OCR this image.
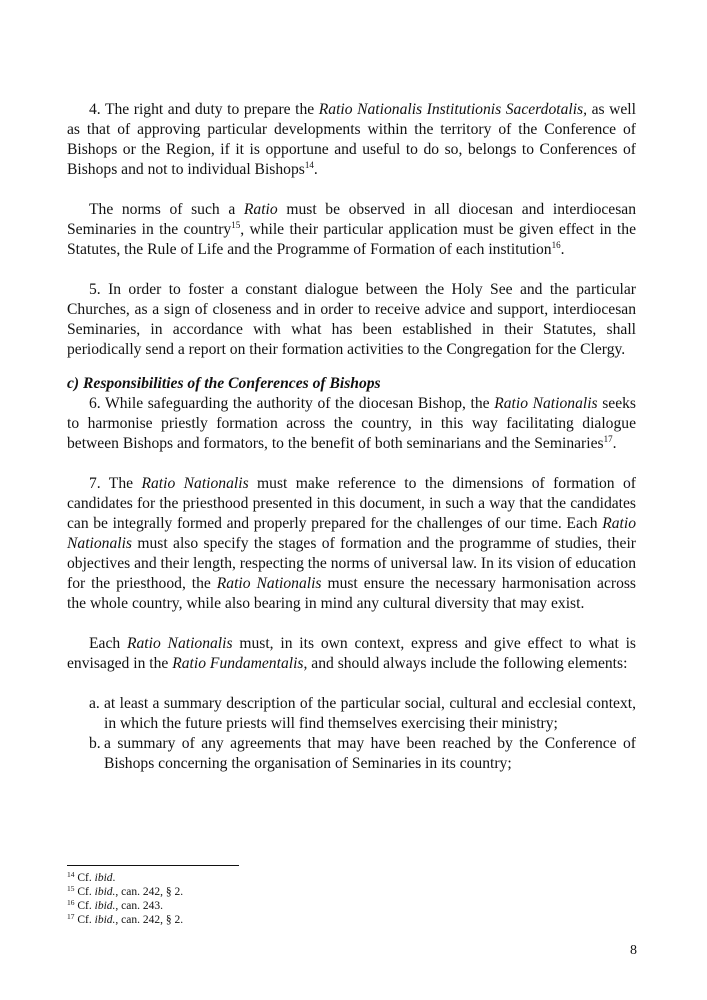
4. The right and duty to prepare the Ratio Nationalis Institutionis Sacerdotalis, as well as that of approving particular developments within the territory of the Conference of Bishops or the Region, if it is opportune and useful to do so, belongs to Conferences of Bishops and not to individual Bishops$^{14}$.

The norms of such a Ratio must be observed in all diocesan and interdiocesan Seminaries in the country$^{15}$, while their particular application must be given effect in the Statutes, the Rule of Life and the Programme of Formation of each institution$^{16}$.

5. In order to foster a constant dialogue between the Holy See and the particular Churches, as a sign of closeness and in order to receive advice and support, interdiocesan Seminaries, in accordance with what has been established in their Statutes, shall periodically send a report on their formation activities to the Congregation for the Clergy.

c) Responsibilities of the Conferences of Bishops

6. While safeguarding the authority of the diocesan Bishop, the Ratio Nationalis seeks to harmonise priestly formation across the country, in this way facilitating dialogue between Bishops and formators, to the benefit of both seminarians and the Seminaries$^{17}$.

7. The Ratio Nationalis must make reference to the dimensions of formation of candidates for the priesthood presented in this document, in such a way that the candidates can be integrally formed and properly prepared for the challenges of our time. Each Ratio Nationalis must also specify the stages of formation and the programme of studies, their objectives and their length, respecting the norms of universal law. In its vision of education for the priesthood, the Ratio Nationalis must ensure the necessary harmonisation across the whole country, while also bearing in mind any cultural diversity that may exist.

Each Ratio Nationalis must, in its own context, express and give effect to what is envisaged in the Ratio Fundamentalis, and should always include the following elements:

a. at least a summary description of the particular social, cultural and ecclesial context, in which the future priests will find themselves exercising their ministry;
b. a summary of any agreements that may have been reached by the Conference of Bishops concerning the organisation of Seminaries in its country;
$^{14}$ Cf. ibid.
$^{15}$ Cf. ibid., can. 242, § 2.
$^{16}$ Cf. ibid., can. 243.
$^{17}$ Cf. ibid., can. 242, § 2.
8
